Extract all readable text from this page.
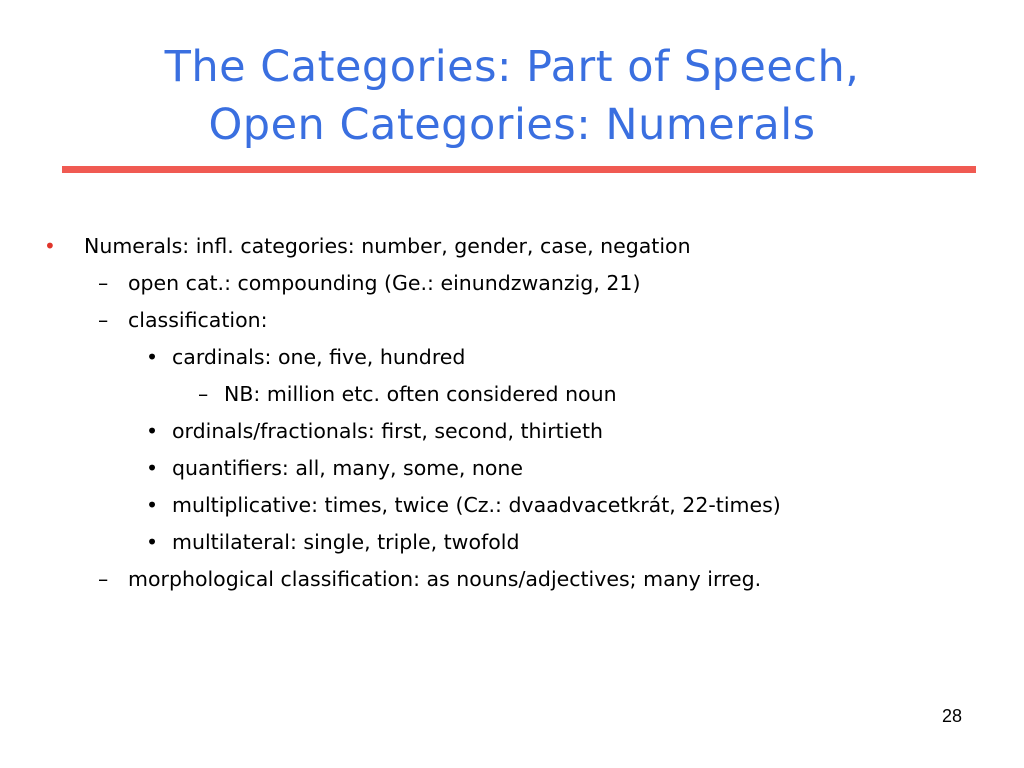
The Categories: Part of Speech,
Open Categories: Numerals
• Numerals: infl. categories: number, gender, case, negation
– open cat.: compounding (Ge.: einundzwanzig, 21)
– classification:
• cardinals: one, five, hundred
– NB: million etc. often considered noun
• ordinals/fractionals: first, second, thirtieth
• quantifiers: all, many, some, none
• multiplicative: times, twice (Cz.: dvaadvacetkrát, 22-times)
• multilateral: single, triple, twofold
– morphological classification: as nouns/adjectives; many irreg.
28
